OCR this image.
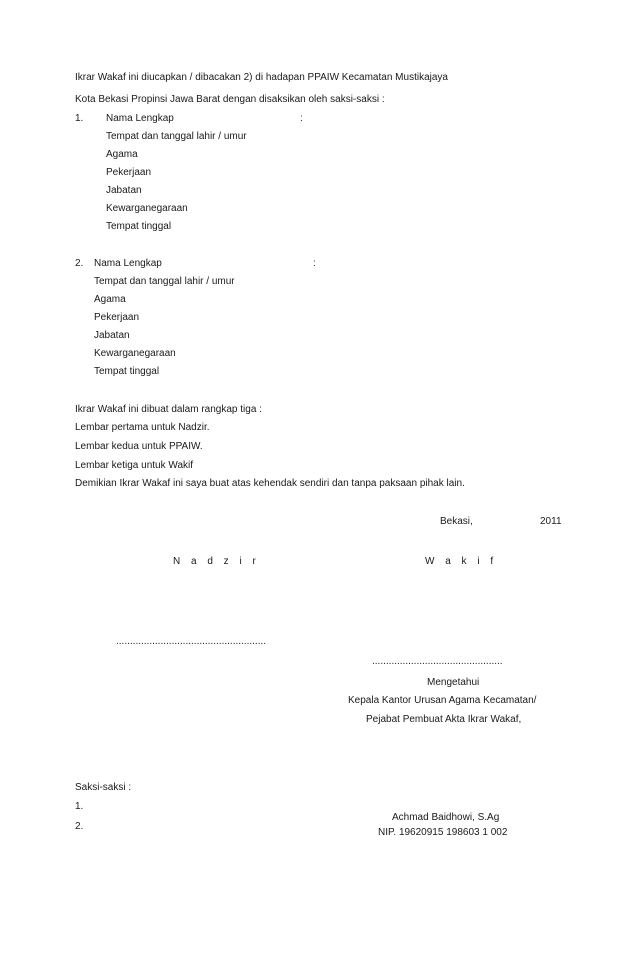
Ikrar Wakaf ini diucapkan / dibacakan 2) di hadapan PPAIW Kecamatan Mustikajaya
Kota Bekasi Propinsi Jawa Barat dengan disaksikan oleh saksi-saksi :
1. Nama Lengkap	:
Tempat dan tanggal lahir / umur
Agama
Pekerjaan
Jabatan
Kewarganegaraan
Tempat tinggal
2. Nama Lengkap	:
Tempat dan tanggal lahir / umur
Agama
Pekerjaan
Jabatan
Kewarganegaraan
Tempat tinggal
Ikrar Wakaf ini dibuat dalam rangkap tiga :
Lembar pertama untuk Nadzir.
Lembar kedua untuk PPAIW.
Lembar ketiga untuk Wakif
Demikian Ikrar Wakaf ini saya buat atas kehendak sendiri dan tanpa paksaan pihak lain.
Bekasi,	2011
N a d z i r	W a k i f
......................................................
...............................................
Mengetahui
Kepala Kantor Urusan Agama Kecamatan/
Pejabat Pembuat Akta Ikrar Wakaf,
Saksi-saksi :
1.
2.
Achmad Baidhowi, S.Ag
NIP. 19620915 198603 1 002
